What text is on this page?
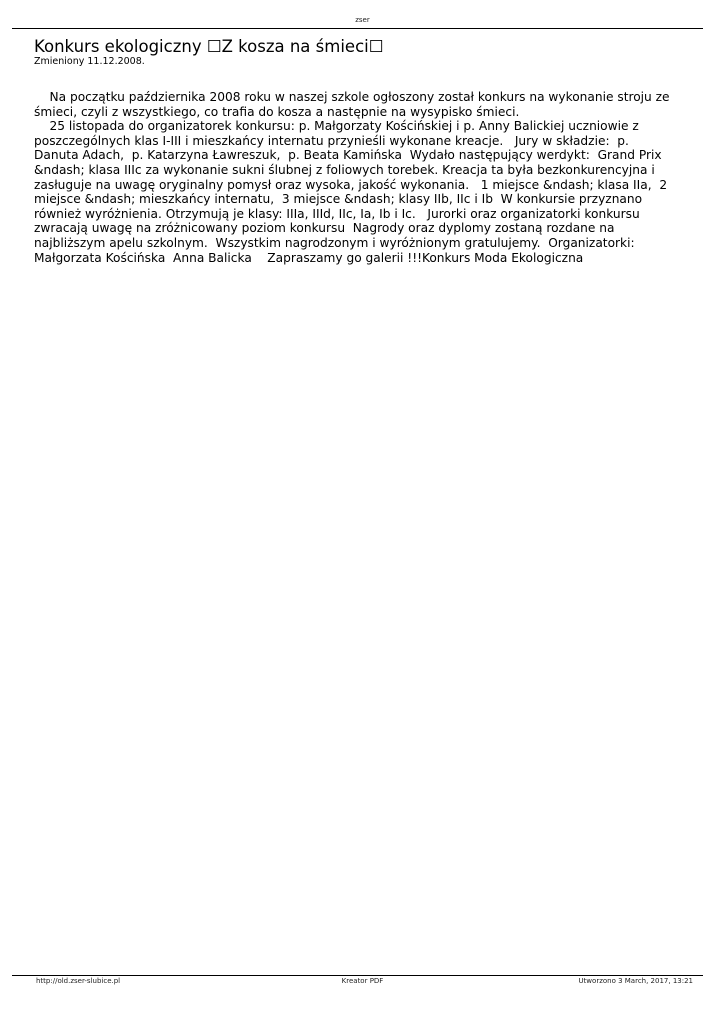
zser
Konkurs ekologiczny ☐Z kosza na śmieci☐
Zmieniony 11.12.2008.
Na początku października 2008 roku w naszej szkole ogłoszony został konkurs na wykonanie stroju ze
śmieci, czyli z wszystkiego, co trafia do kosza a następnie na wysypisko śmieci.
25 listopada do organizatorek konkursu: p. Małgorzaty Kościńskiej i p. Anny Balickiej uczniowie z
poszczególnych klas I-III i mieszkańcy internatu przynieśli wykonane kreacje.   Jury w składzie:  p.
Danuta Adach,  p. Katarzyna Ławreszuk,  p. Beata Kamińska  Wydało następujący werdykt:  Grand Prix
&ndash; klasa IIIc za wykonanie sukni ślubnej z foliowych torebek. Kreacja ta była bezkonkurencyjna i
zasługuje na uwagę oryginalny pomysł oraz wysoka, jakość wykonania.   1 miejsce &ndash; klasa IIa,  2
miejsce &ndash; mieszkańcy internatu,  3 miejsce &ndash; klasy IIb, IIc i Ib  W konkursie przyznano
również wyróżnienia. Otrzymują je klasy: IIIa, IIId, IIc, Ia, Ib i Ic.   Jurorki oraz organizatorki konkursu
zwracają uwagę na zróżnicowany poziom konkursu  Nagrody oraz dyplomy zostaną rozdane na
najbliższym apelu szkolnym.  Wszystkim nagrodzonym i wyróżnionym gratulujemy.  Organizatorki:
Małgorzata Kościńska  Anna Balicka    Zapraszamy go galerii !!!Konkurs Moda Ekologiczna
http://old.zser-slubice.pl	Kreator PDF	Utworzono 3 March, 2017, 13:21
